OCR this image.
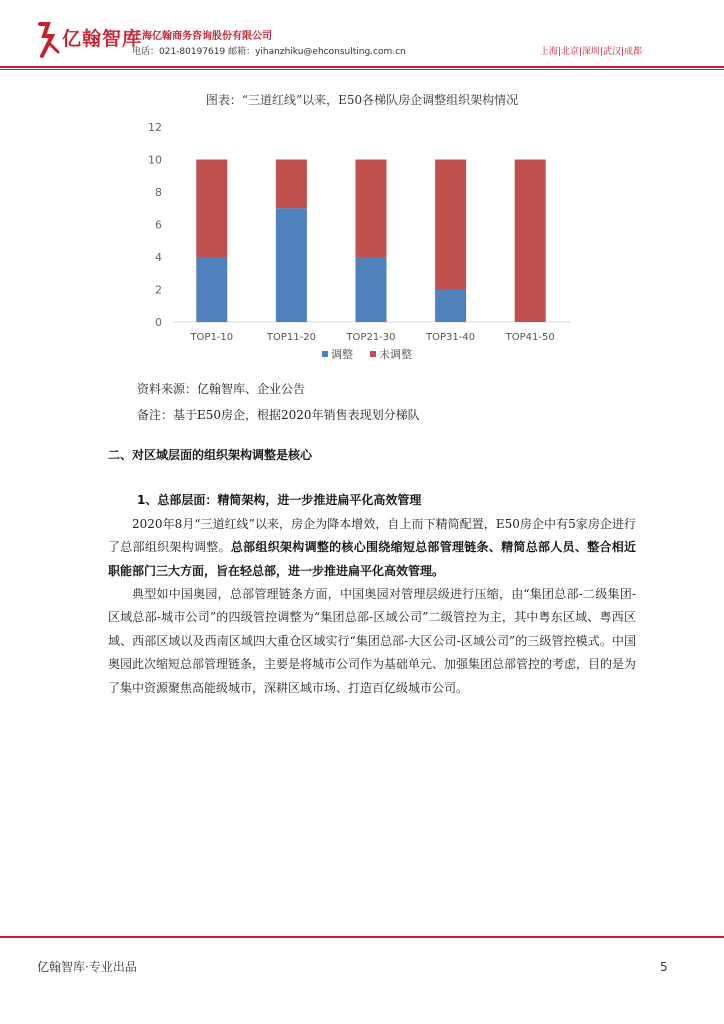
亿翰智库
上海亿翰商务咨询股份有限公司
电话：021-80197619 邮箱：yihanzhiku@ehconsulting.com.cn	上海|北京|深圳|武汉|成都
图表：“三道红线”以来，E50各梯队房企调整组织架构情况
0
2
4
6
8
10
12
TOP1-10	TOP11-20	TOP21-30	TOP31-40	TOP41-50
调整 未调整
资料来源：亿翰智库、企业公告
备注：基于E50房企，根据2020年销售表现划分梯队
二、对区域层面的组织架构调整是核心
1、总部层面：精简架构，进一步推进扁平化高效管理
2020年8月“三道红线”以来，房企为降本增效，自上而下精简配置，E50房企中有5家房企进行了总部组织架构调整。总部组织架构调整的核心围绕缩短总部管理链条、精简总部人员、整合相近职能部门三大方面，旨在轻总部，进一步推进扁平化高效管理。
典型如中国奥园，总部管理链条方面，中国奥园对管理层级进行压缩，由“集团总部-二级集团-区域总部-城市公司”的四级管控调整为“集团总部-区域公司”二级管控为主，其中粤东区域、粤西区域、西部区域以及西南区域四大重仓区域实行“集团总部-大区公司-区域公司”的三级管控模式。中国奥园此次缩短总部管理链条，主要是将城市公司作为基础单元、加强集团总部管控的考虑，目的是为了集中资源聚焦高能级城市，深耕区域市场、打造百亿级城市公司。
亿翰智库·专业出品	5
